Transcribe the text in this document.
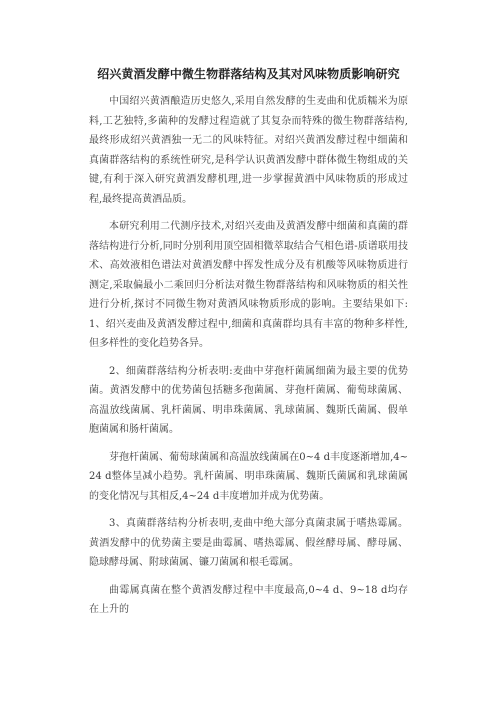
绍兴黄酒发酵中微生物群落结构及其对风味物质影响研究

中国绍兴黄酒酿造历史悠久,采用自然发酵的生麦曲和优质糯米为原料,工艺独特,多菌种的发酵过程造就了其复杂而特殊的微生物群落结构,最终形成绍兴黄酒独一无二的风味特征。对绍兴黄酒发酵过程中细菌和真菌群落结构的系统性研究,是科学认识黄酒发酵中群体微生物组成的关键,有利于深入研究黄酒发酵机理,进一步掌握黄酒中风味物质的形成过程,最终提高黄酒品质。

本研究利用二代测序技术,对绍兴麦曲及黄酒发酵中细菌和真菌的群落结构进行分析,同时分别利用顶空固相微萃取结合气相色谱-质谱联用技术、高效液相色谱法对黄酒发酵中挥发性成分及有机酸等风味物质进行测定,采取偏最小二乘回归分析法对微生物群落结构和风味物质的相关性进行分析,探讨不同微生物对黄酒风味物质形成的影响。主要结果如下:1、绍兴麦曲及黄酒发酵过程中,细菌和真菌群均具有丰富的物种多样性,但多样性的变化趋势各异。

2、细菌群落结构分析表明:麦曲中芽孢杆菌属细菌为最主要的优势菌。黄酒发酵中的优势菌包括糖多孢菌属、芽孢杆菌属、葡萄球菌属、高温放线菌属、乳杆菌属、明串珠菌属、乳球菌属、魏斯氏菌属、假单胞菌属和肠杆菌属。

芽孢杆菌属、葡萄球菌属和高温放线菌属在0~4 d丰度逐渐增加,4~24 d整体呈减小趋势。乳杆菌属、明串珠菌属、魏斯氏菌属和乳球菌属的变化情况与其相反,4~24 d丰度增加并成为优势菌。

3、真菌群落结构分析表明,麦曲中绝大部分真菌隶属于嗜热霉属。黄酒发酵中的优势菌主要是曲霉属、嗜热霉属、假丝酵母属、酵母属、隐球酵母属、附球菌属、镰刀菌属和根毛霉属。

曲霉属真菌在整个黄酒发酵过程中丰度最高,0~4 d、9~18 d均存在上升的
